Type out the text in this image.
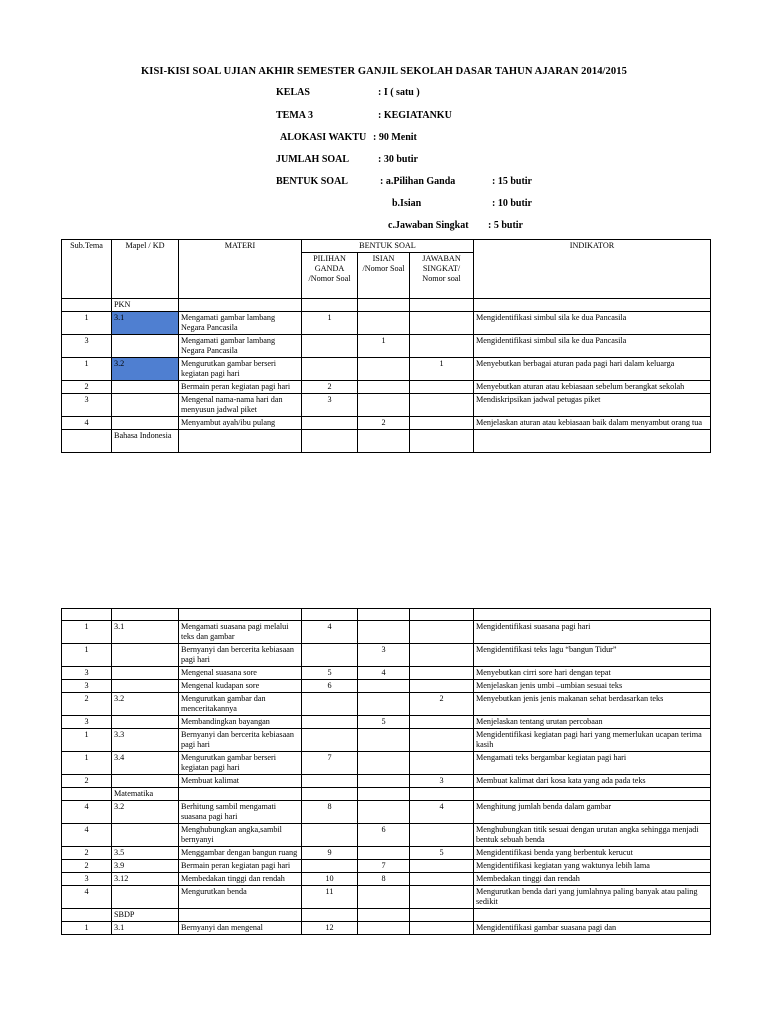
KISI-KISI SOAL UJIAN AKHIR SEMESTER GANJIL SEKOLAH DASAR TAHUN AJARAN 2014/2015
KELAS	: I ( satu )
TEMA 3	: KEGIATANKU
ALOKASI WAKTU : 90 Menit
JUMLAH SOAL	: 30 butir
BENTUK SOAL	: a.Pilihan Ganda	: 15 butir
b.Isian	: 10 butir
c.Jawaban Singkat : 5 butir
Sub.Tema	Mapel / KD	MATERI	BENTUK SOAL			INDIKATOR
			PILIHAN GANDA /Nomor Soal	ISIAN /Nomor Soal	JAWABAN SINGKAT/ Nomor soal	
	PKN					
1	3.1	Mengamati gambar lambang Negara Pancasila	1			Mengidentifikasi simbul sila ke dua Pancasila
3		Mengamati gambar lambang Negara Pancasila		1		Mengidentifikasi simbul sila ke dua Pancasila
1	3.2	Mengurutkan gambar berseri kegiatan pagi hari			1	Menyebutkan berbagai aturan pada pagi hari dalam keluarga
2		Bermain peran kegiatan pagi hari	2			Menyebutkan aturan atau kebiasaan sebelum berangkat sekolah
3		Mengenal nama-nama hari dan menyusun jadwal piket	3			Mendiskripsikan jadwal petugas piket
4		Menyambut ayah/ibu pulang		2		Menjelaskan aturan atau kebiasaan baik dalam menyambut orang tua
	Bahasa Indonesia					

1	3.1	Mengamati suasana pagi melalui teks dan gambar	4			Mengidentifikasi suasana pagi hari
1		Bernyanyi dan bercerita kebiasaan pagi hari		3		Mengidentifikasi teks lagu “bangun Tidur”
3		Mengenal suasana sore	5	4		Menyebutkan cirri sore hari dengan tepat
3		Mengenal kudapan sore	6			Menjelaskan jenis umbi –umbian sesuai teks
2	3.2	Mengurutkan gambar dan menceritakannya			2	Menyebutkan jenis jenis makanan sehat berdasarkan teks
3		Membandingkan bayangan		5		Menjelaskan tentang urutan percobaan
1	3.3	Bernyanyi dan bercerita kebiasaan pagi hari				Mengidentifikasi kegiatan pagi hari yang memerlukan ucapan terima kasih
1	3.4	Mengurutkan gambar berseri kegiatan pagi hari	7			Mengamati teks bergambar kegiatan pagi hari
2		Membuat kalimat			3	Membuat kalimat dari kosa kata yang ada pada teks
	Matematika					
4	3.2	Berhitung sambil mengamati suasana pagi hari	8		4	Menghitung jumlah benda dalam gambar
4		Menghubungkan angka,sambil bernyanyi		6		Menghubungkan titik sesuai dengan urutan angka sehingga menjadi bentuk sebuah benda
2	3.5	Menggambar dengan bangun ruang	9		5	Mengidentifikasi benda yang berbentuk kerucut
2	3.9	Bermain peran kegiatan pagi hari		7		Mengidentifikasi kegiatan yang waktunya lebih lama
3	3.12	Membedakan tinggi dan rendah	10	8		Membedakan tinggi dan rendah
4		Mengurutkan benda	11			Mengurutkan benda dari yang jumlahnya paling banyak atau paling sedikit
	SBDP					
1	3.1	Bernyanyi dan mengenal	12			Mengidentifikasi gambar suasana pagi dan
